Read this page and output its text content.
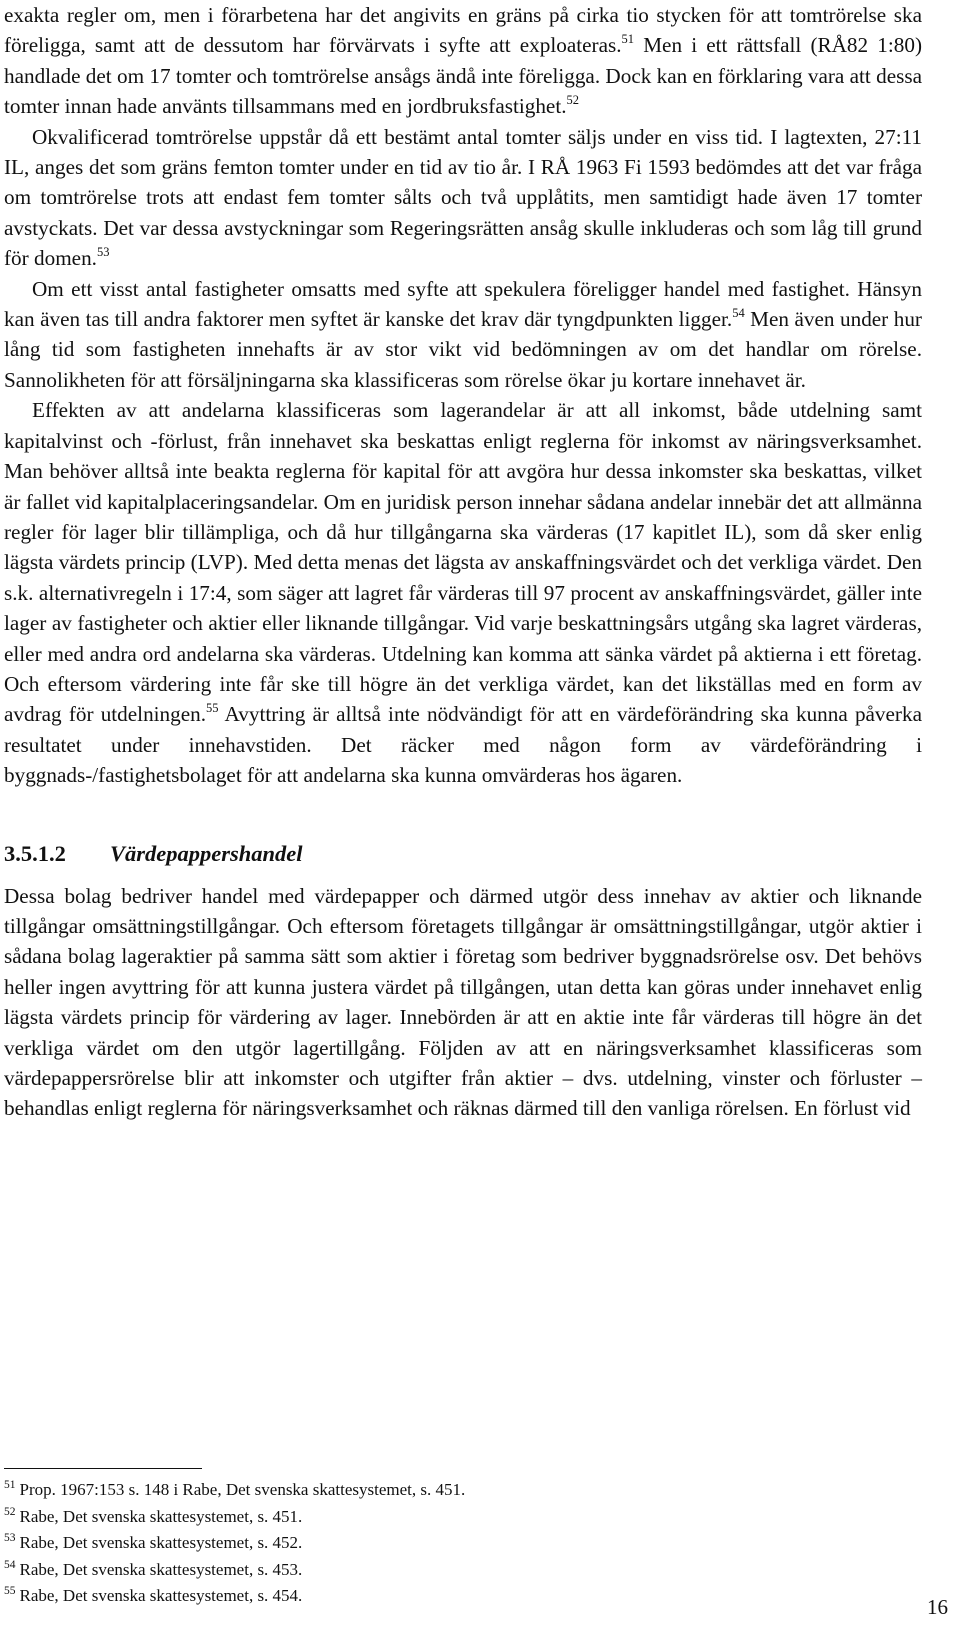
exakta regler om, men i förarbetena har det angivits en gräns på cirka tio stycken för att tomtrörelse ska föreligga, samt att de dessutom har förvärvats i syfte att exploateras.$^{51}$ Men i ett rättsfall (RÅ82 1:80) handlade det om 17 tomter och tomtrörelse ansågs ändå inte föreligga. Dock kan en förklaring vara att dessa tomter innan hade använts tillsammans med en jordbruksfastighet.$^{52}$

Okvalificerad tomtrörelse uppstår då ett bestämt antal tomter säljs under en viss tid. I lagtexten, 27:11 IL, anges det som gräns femton tomter under en tid av tio år. I RÅ 1963 Fi 1593 bedömdes att det var fråga om tomtrörelse trots att endast fem tomter sålts och två upplåtits, men samtidigt hade även 17 tomter avstyckats. Det var dessa avstyckningar som Regeringsrätten ansåg skulle inkluderas och som låg till grund för domen.$^{53}$

Om ett visst antal fastigheter omsatts med syfte att spekulera föreligger handel med fastighet. Hänsyn kan även tas till andra faktorer men syftet är kanske det krav där tyngdpunkten ligger.$^{54}$ Men även under hur lång tid som fastigheten innehafts är av stor vikt vid bedömningen av om det handlar om rörelse. Sannolikheten för att försäljningarna ska klassificeras som rörelse ökar ju kortare innehavet är.

Effekten av att andelarna klassificeras som lagerandelar är att all inkomst, både utdelning samt kapitalvinst och -förlust, från innehavet ska beskattas enligt reglerna för inkomst av näringsverksamhet. Man behöver alltså inte beakta reglerna för kapital för att avgöra hur dessa inkomster ska beskattas, vilket är fallet vid kapitalplaceringsandelar. Om en juridisk person innehar sådana andelar innebär det att allmänna regler för lager blir tillämpliga, och då hur tillgångarna ska värderas (17 kapitlet IL), som då sker enlig lägsta värdets princip (LVP). Med detta menas det lägsta av anskaffningsvärdet och det verkliga värdet. Den s.k. alternativregeln i 17:4, som säger att lagret får värderas till 97 procent av anskaffningsvärdet, gäller inte lager av fastigheter och aktier eller liknande tillgångar. Vid varje beskattningsårs utgång ska lagret värderas, eller med andra ord andelarna ska värderas. Utdelning kan komma att sänka värdet på aktierna i ett företag. Och eftersom värdering inte får ske till högre än det verkliga värdet, kan det likställas med en form av avdrag för utdelningen.$^{55}$ Avyttring är alltså inte nödvändigt för att en värdeförändring ska kunna påverka resultatet under innehavstiden. Det räcker med någon form av värdeförändring i byggnads-/fastighetsbolaget för att andelarna ska kunna omvärderas hos ägaren.

3.5.1.2 Värdepappershandel

Dessa bolag bedriver handel med värdepapper och därmed utgör dess innehav av aktier och liknande tillgångar omsättningstillgångar. Och eftersom företagets tillgångar är omsättningstillgångar, utgör aktier i sådana bolag lageraktier på samma sätt som aktier i företag som bedriver byggnadsrörelse osv. Det behövs heller ingen avyttring för att kunna justera värdet på tillgången, utan detta kan göras under innehavet enlig lägsta värdets princip för värdering av lager. Innebörden är att en aktie inte får värderas till högre än det verkliga värdet om den utgör lagertillgång. Följden av att en näringsverksamhet klassificeras som värdepappersrörelse blir att inkomster och utgifter från aktier – dvs. utdelning, vinster och förluster – behandlas enligt reglerna för näringsverksamhet och räknas därmed till den vanliga rörelsen. En förlust vid

$^{51}$ Prop. 1967:153 s. 148 i Rabe, Det svenska skattesystemet, s. 451.
$^{52}$ Rabe, Det svenska skattesystemet, s. 451.
$^{53}$ Rabe, Det svenska skattesystemet, s. 452.
$^{54}$ Rabe, Det svenska skattesystemet, s. 453.
$^{55}$ Rabe, Det svenska skattesystemet, s. 454.	16
